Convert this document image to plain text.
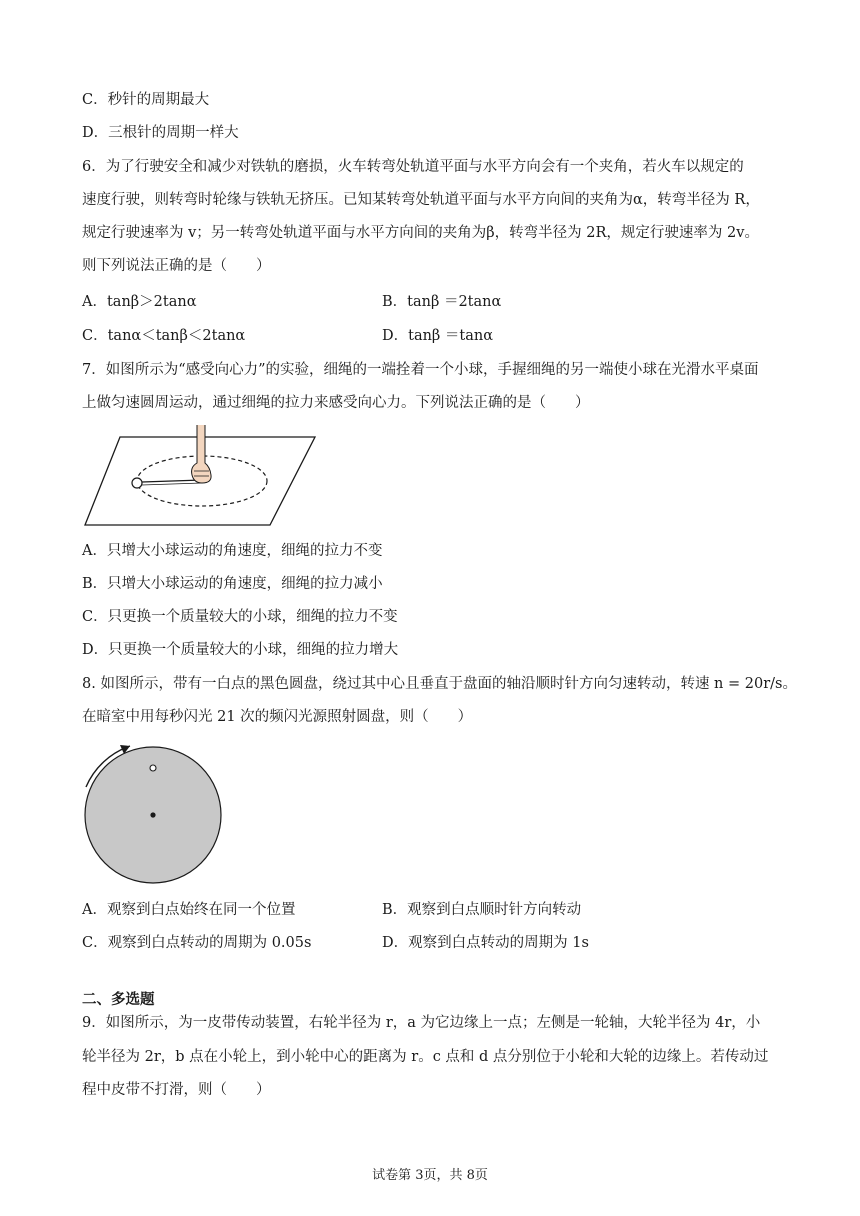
C．秒针的周期最大
D．三根针的周期一样大
6．为了行驶安全和减少对铁轨的磨损，火车转弯处轨道平面与水平方向会有一个夹角，若火车以规定的
速度行驶，则转弯时轮缘与铁轨无挤压。已知某转弯处轨道平面与水平方向间的夹角为α，转弯半径为 R，
规定行驶速率为 v；另一转弯处轨道平面与水平方向间的夹角为β，转弯半径为 2R，规定行驶速率为 2v。
则下列说法正确的是（　　）
A．tanβ＞2tanα	B．tanβ ＝2tanα
C．tanα＜tanβ＜2tanα	D．tanβ ＝tanα
7．如图所示为“感受向心力”的实验，细绳的一端拴着一个小球，手握细绳的另一端使小球在光滑水平桌面
上做匀速圆周运动，通过细绳的拉力来感受向心力。下列说法正确的是（　　）
A．只增大小球运动的角速度，细绳的拉力不变
B．只增大小球运动的角速度，细绳的拉力减小
C．只更换一个质量较大的小球，细绳的拉力不变
D．只更换一个质量较大的小球，细绳的拉力增大
8. 如图所示，带有一白点的黑色圆盘，绕过其中心且垂直于盘面的轴沿顺时针方向匀速转动，转速 n = 20r/s。
在暗室中用每秒闪光 21 次的频闪光源照射圆盘，则（　　）
A．观察到白点始终在同一个位置	B．观察到白点顺时针方向转动
C．观察到白点转动的周期为 0.05s	D．观察到白点转动的周期为 1s
二、多选题
9．如图所示，为一皮带传动装置，右轮半径为 r，a 为它边缘上一点；左侧是一轮轴，大轮半径为 4r，小
轮半径为 2r，b 点在小轮上，到小轮中心的距离为 r。c 点和 d 点分别位于小轮和大轮的边缘上。若传动过
程中皮带不打滑，则（　　）
试卷第 3页，共 8页
